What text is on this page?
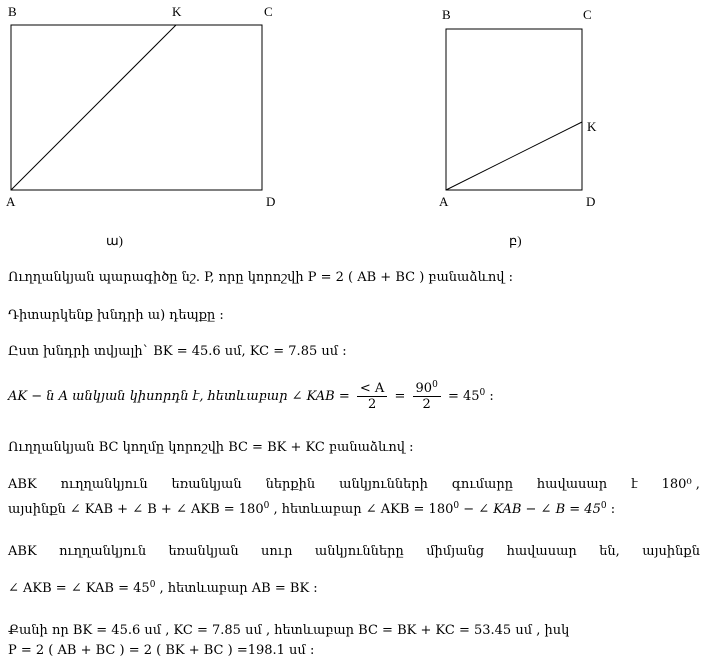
B	K	C
A	D
ա)
B	C
K
A	D
բ)
Ուղղանկյան պարագիծը նշ. P, որը կորոշվի P = 2 ( AB + BC ) բանաձևով :
Դիտարկենք խնդրի ա) դեպքը :
Ըստ խնդրի տվյալի` BK = 45.6 սմ, KC = 7.85 սմ :
AK − ն A անկյան կիսորդն է, հետևաբար ∠ KAB = $\frac{< A}{2} = \frac{90^0}{2} = 45^0$ :
Ուղղանկյան BC կողմը կորոշվի BC = BK + KC բանաձևով :
ABK ուղղանկյուն եռանկյան ներքին անկյունների գումարը հավասար է 180⁰ ,
այսինքն ∠ KAB + ∠ B + ∠ AKB = $180^0$ , հետևաբար ∠ AKB = $180^0$ − ∠ KAB − ∠ $B = 45^0$ :
ABK ուղղանկյուն եռանկյան սուր անկյունները միմյանց հավասար են, այսինքն
∠ AKB = ∠ KAB = $45^0$ , հետևաբար AB = BK :
Քանի որ BK = 45.6 սմ , KC = 7.85 սմ , հետևաբար BC = BK + KC = 53.45 սմ , իսկ
P = 2 ( AB + BC ) = 2 ( BK + BC ) =198.1 սմ :
